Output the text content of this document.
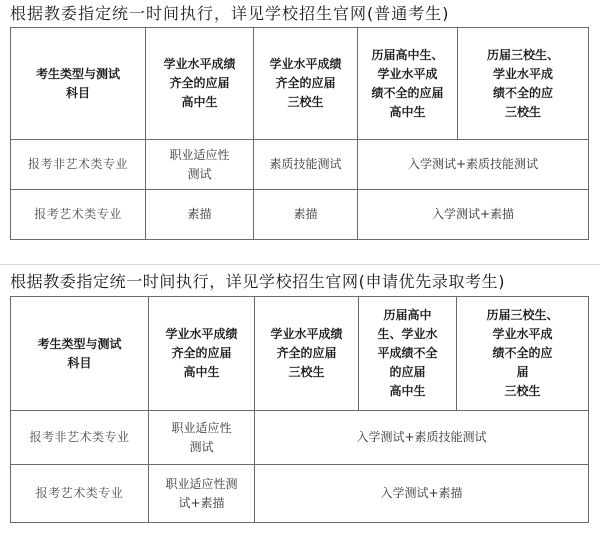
根据教委指定统一时间执行，详见学校招生官网(普通考生)
考生类型与测试
科目	学业水平成绩
齐全的应届
高中生	学业水平成绩
齐全的应届
三校生	历届高中生、
学业水平成
绩不全的应届
高中生	历届三校生、
学业水平成
绩不全的应
三校生
报考非艺术类专业	职业适应性
测试	素质技能测试	入学测试+素质技能测试	
报考艺术类专业	素描	素描	入学测试+素描	
根据教委指定统一时间执行，详见学校招生官网(申请优先录取考生)
考生类型与测试
科目	学业水平成绩
齐全的应届
高中生	学业水平成绩
齐全的应届
三校生	历届高中
生、学业水
平成绩不全
的应届
高中生	历届三校生、
学业水平成
绩不全的应
届
三校生
报考非艺术类专业	职业适应性
测试	入学测试+素质技能测试		
报考艺术类专业	职业适应性测
试+素描	入学测试+素描		
